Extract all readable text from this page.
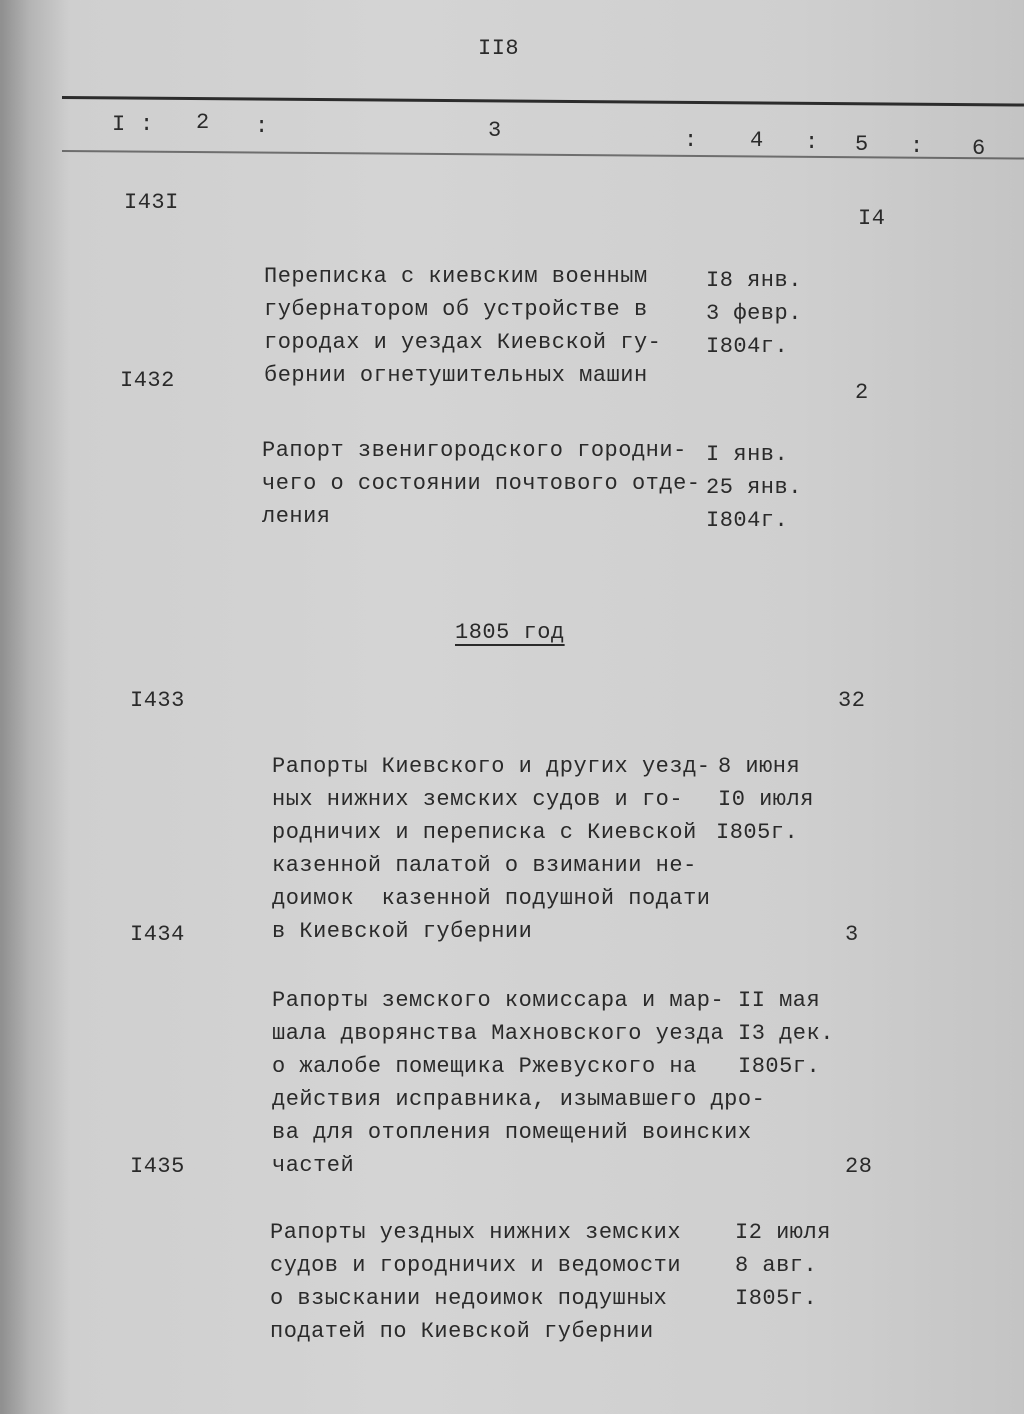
II8
I : 2 :	3	: 4 : 5 : 6
I43I

Переписка с киевским военным
губернатором об устройстве в
городах и уездах Киевской гу-
бернии огнетушительных машин

I8 янв.
3 февр.
I804г.

I4
I432

Рапорт звенигородского городни-
чего о состоянии почтового отде-
ления

I янв.
25 янв.
I804г.

2
1805 год
I433

Рапорты Киевского и других уезд-
ных нижних земских судов и го-
родничих и переписка с Киевской
казенной палатой о взимании не-
доимок  казенной подушной подати
в Киевской губернии

8 июня
I0 июля
I805г.

32
I434

Рапорты земского комиссара и мар-
шала дворянства Махновского уезда
о жалобе помещика Ржевуского на
действия исправника, изымавшего дро-
ва для отопления помещений воинских
частей

II мая
I3 дек.
I805г.

3
I435

Рапорты уездных нижних земских
судов и городничих и ведомости
о взыскании недоимок подушных
податей по Киевской губернии

I2 июля
8 авг.
I805г.

28
